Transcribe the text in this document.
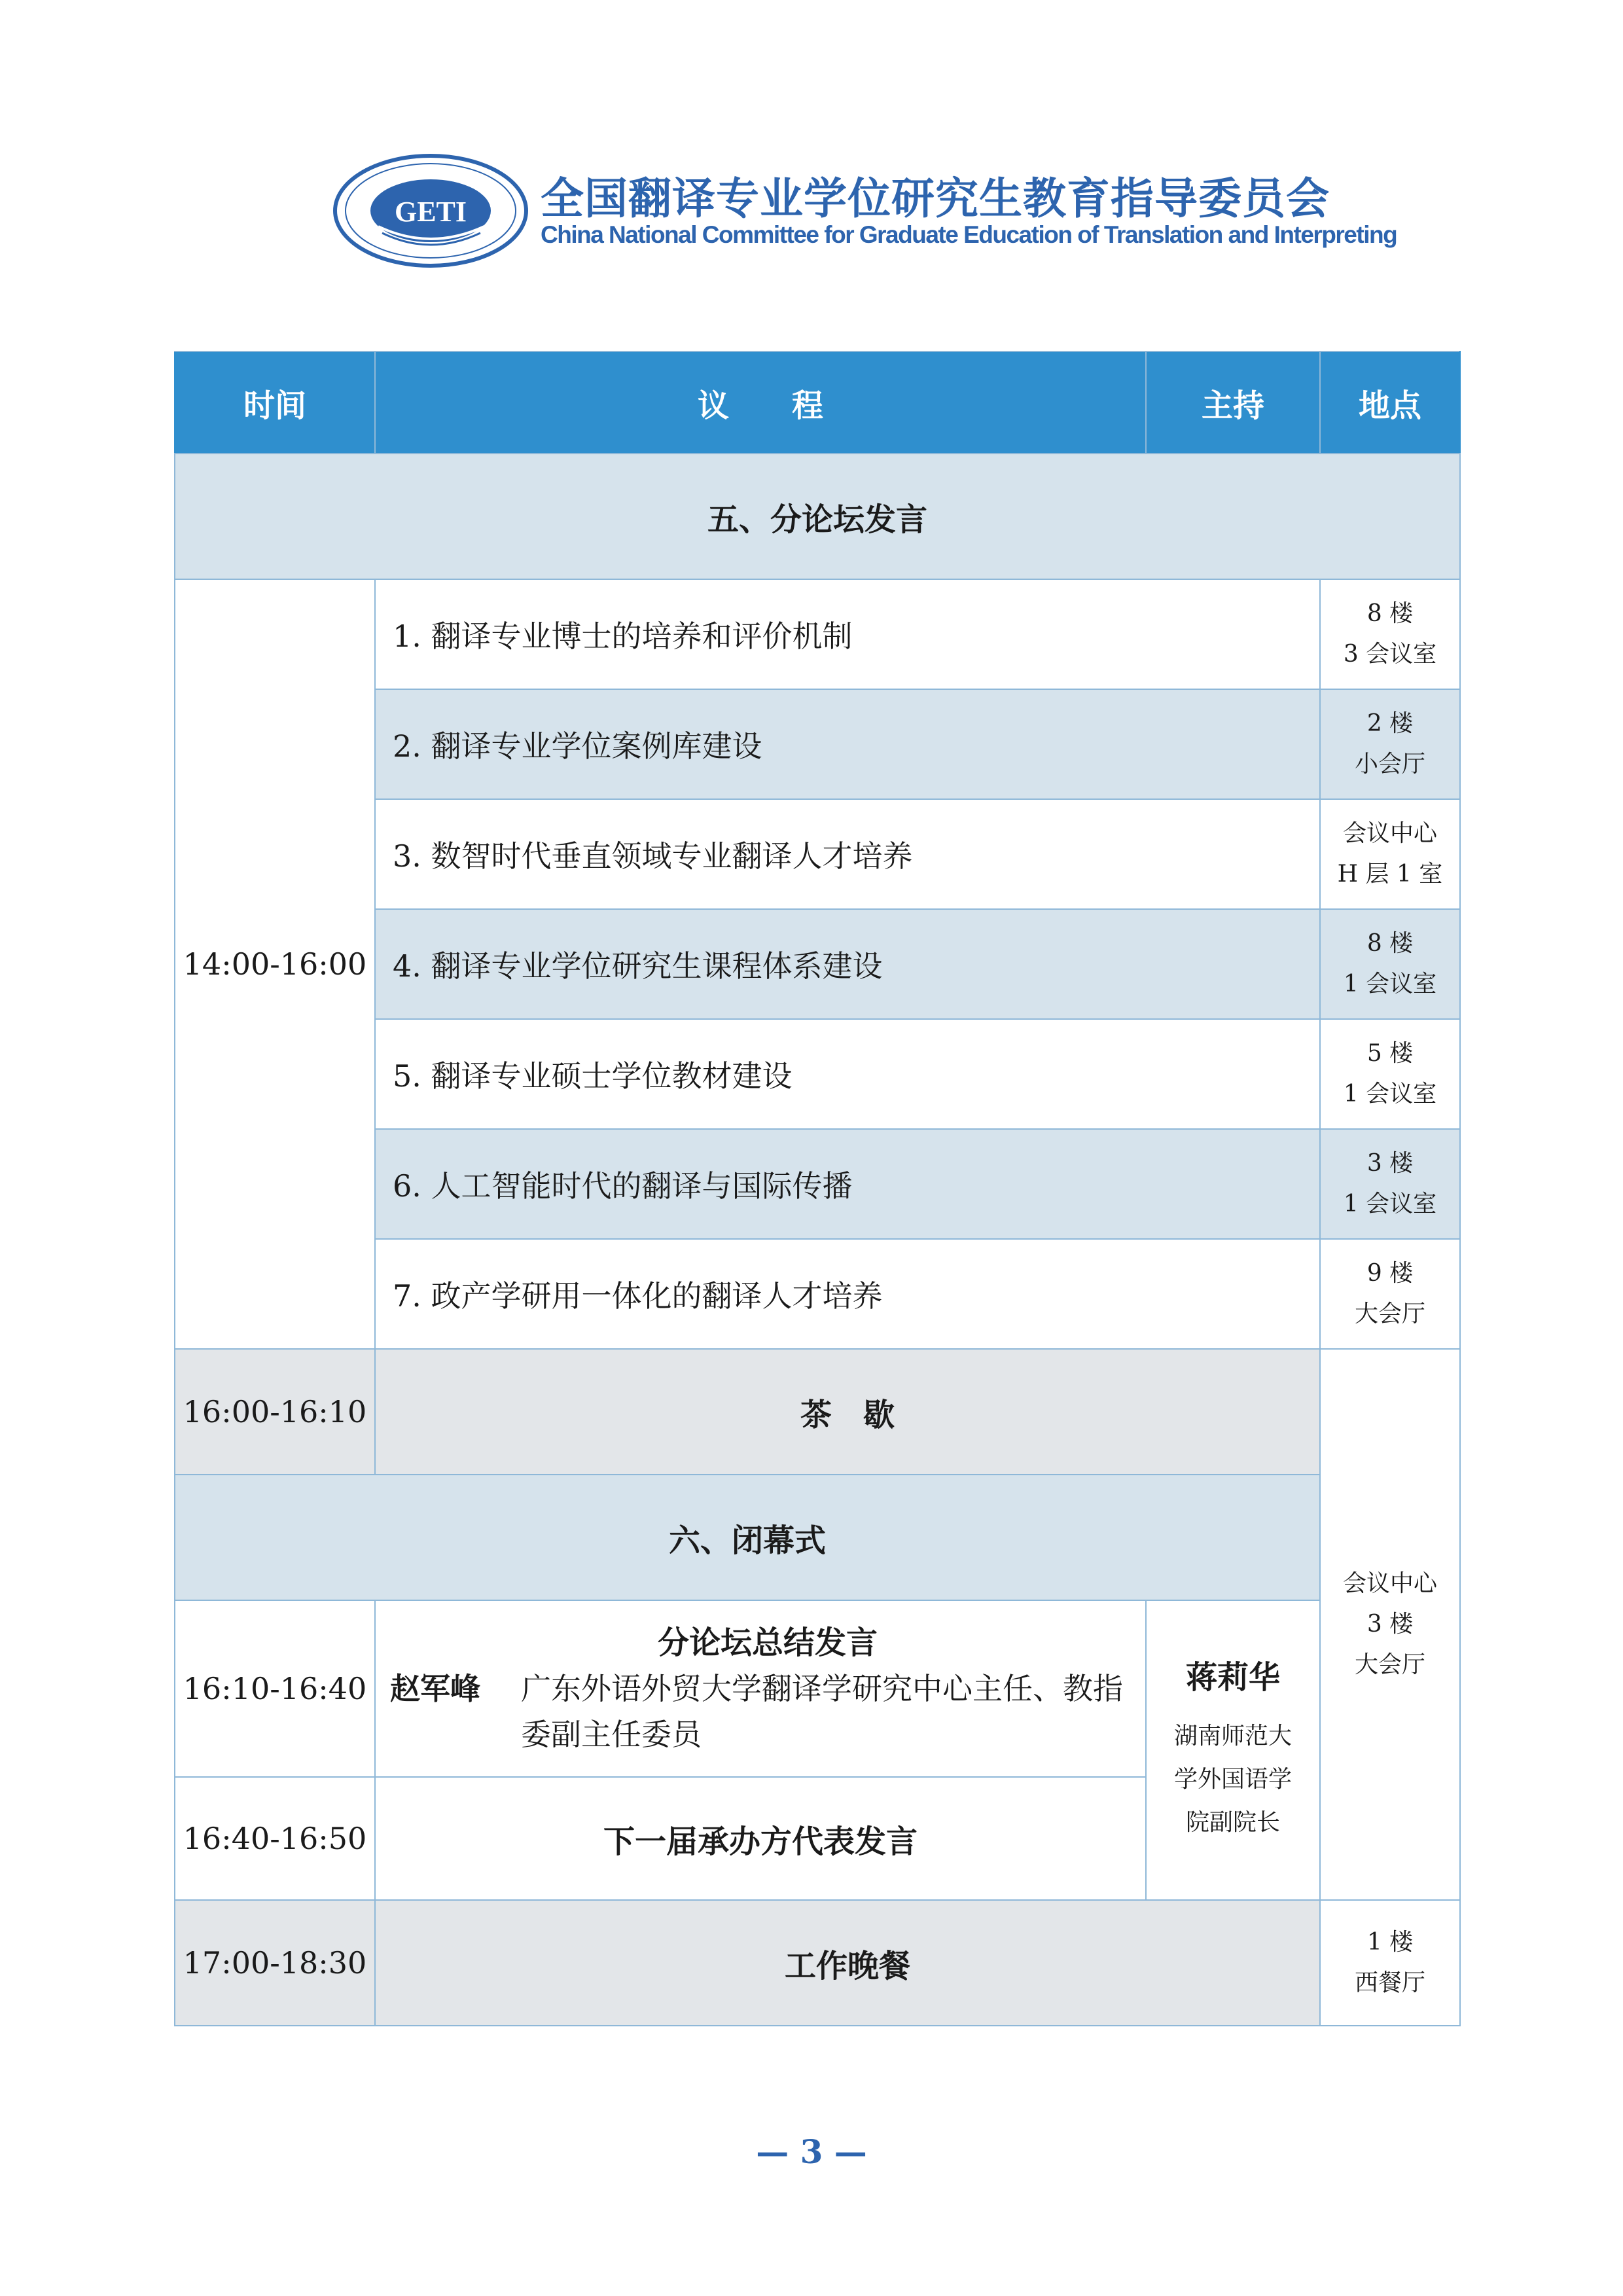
GETI 全国翻译专业学位研究生教育指导委员会
China National Committee for Graduate Education of Translation and Interpreting
时间	议　　程	主持	地点
五、分论坛发言			
14:00-16:00	1. 翻译专业博士的培养和评价机制		8 楼
3 会议室

	2. 翻译专业学位案例库建设		2 楼
小会厅

	3. 数智时代垂直领域专业翻译人才培养		会议中心
H 层 1 室

	4. 翻译专业学位研究生课程体系建设		8 楼
1 会议室

	5. 翻译专业硕士学位教材建设		5 楼
1 会议室

	6. 人工智能时代的翻译与国际传播		3 楼
1 会议室

	7. 政产学研用一体化的翻译人才培养		9 楼
大会厅

16:00-16:10	茶　歇		会议中心
3 楼
大会厅

六、闭幕式			
16:10-16:40	分论坛总结发言
赵军峰 广东外语外贸大学翻译学研究中心主任、教指委副主任委员	蒋莉华
湖南师范大学外国语学院副院长	

16:40-16:50	下一届承办方代表发言		
17:00-18:30	工作晚餐		1 楼
西餐厅
— 3 —
